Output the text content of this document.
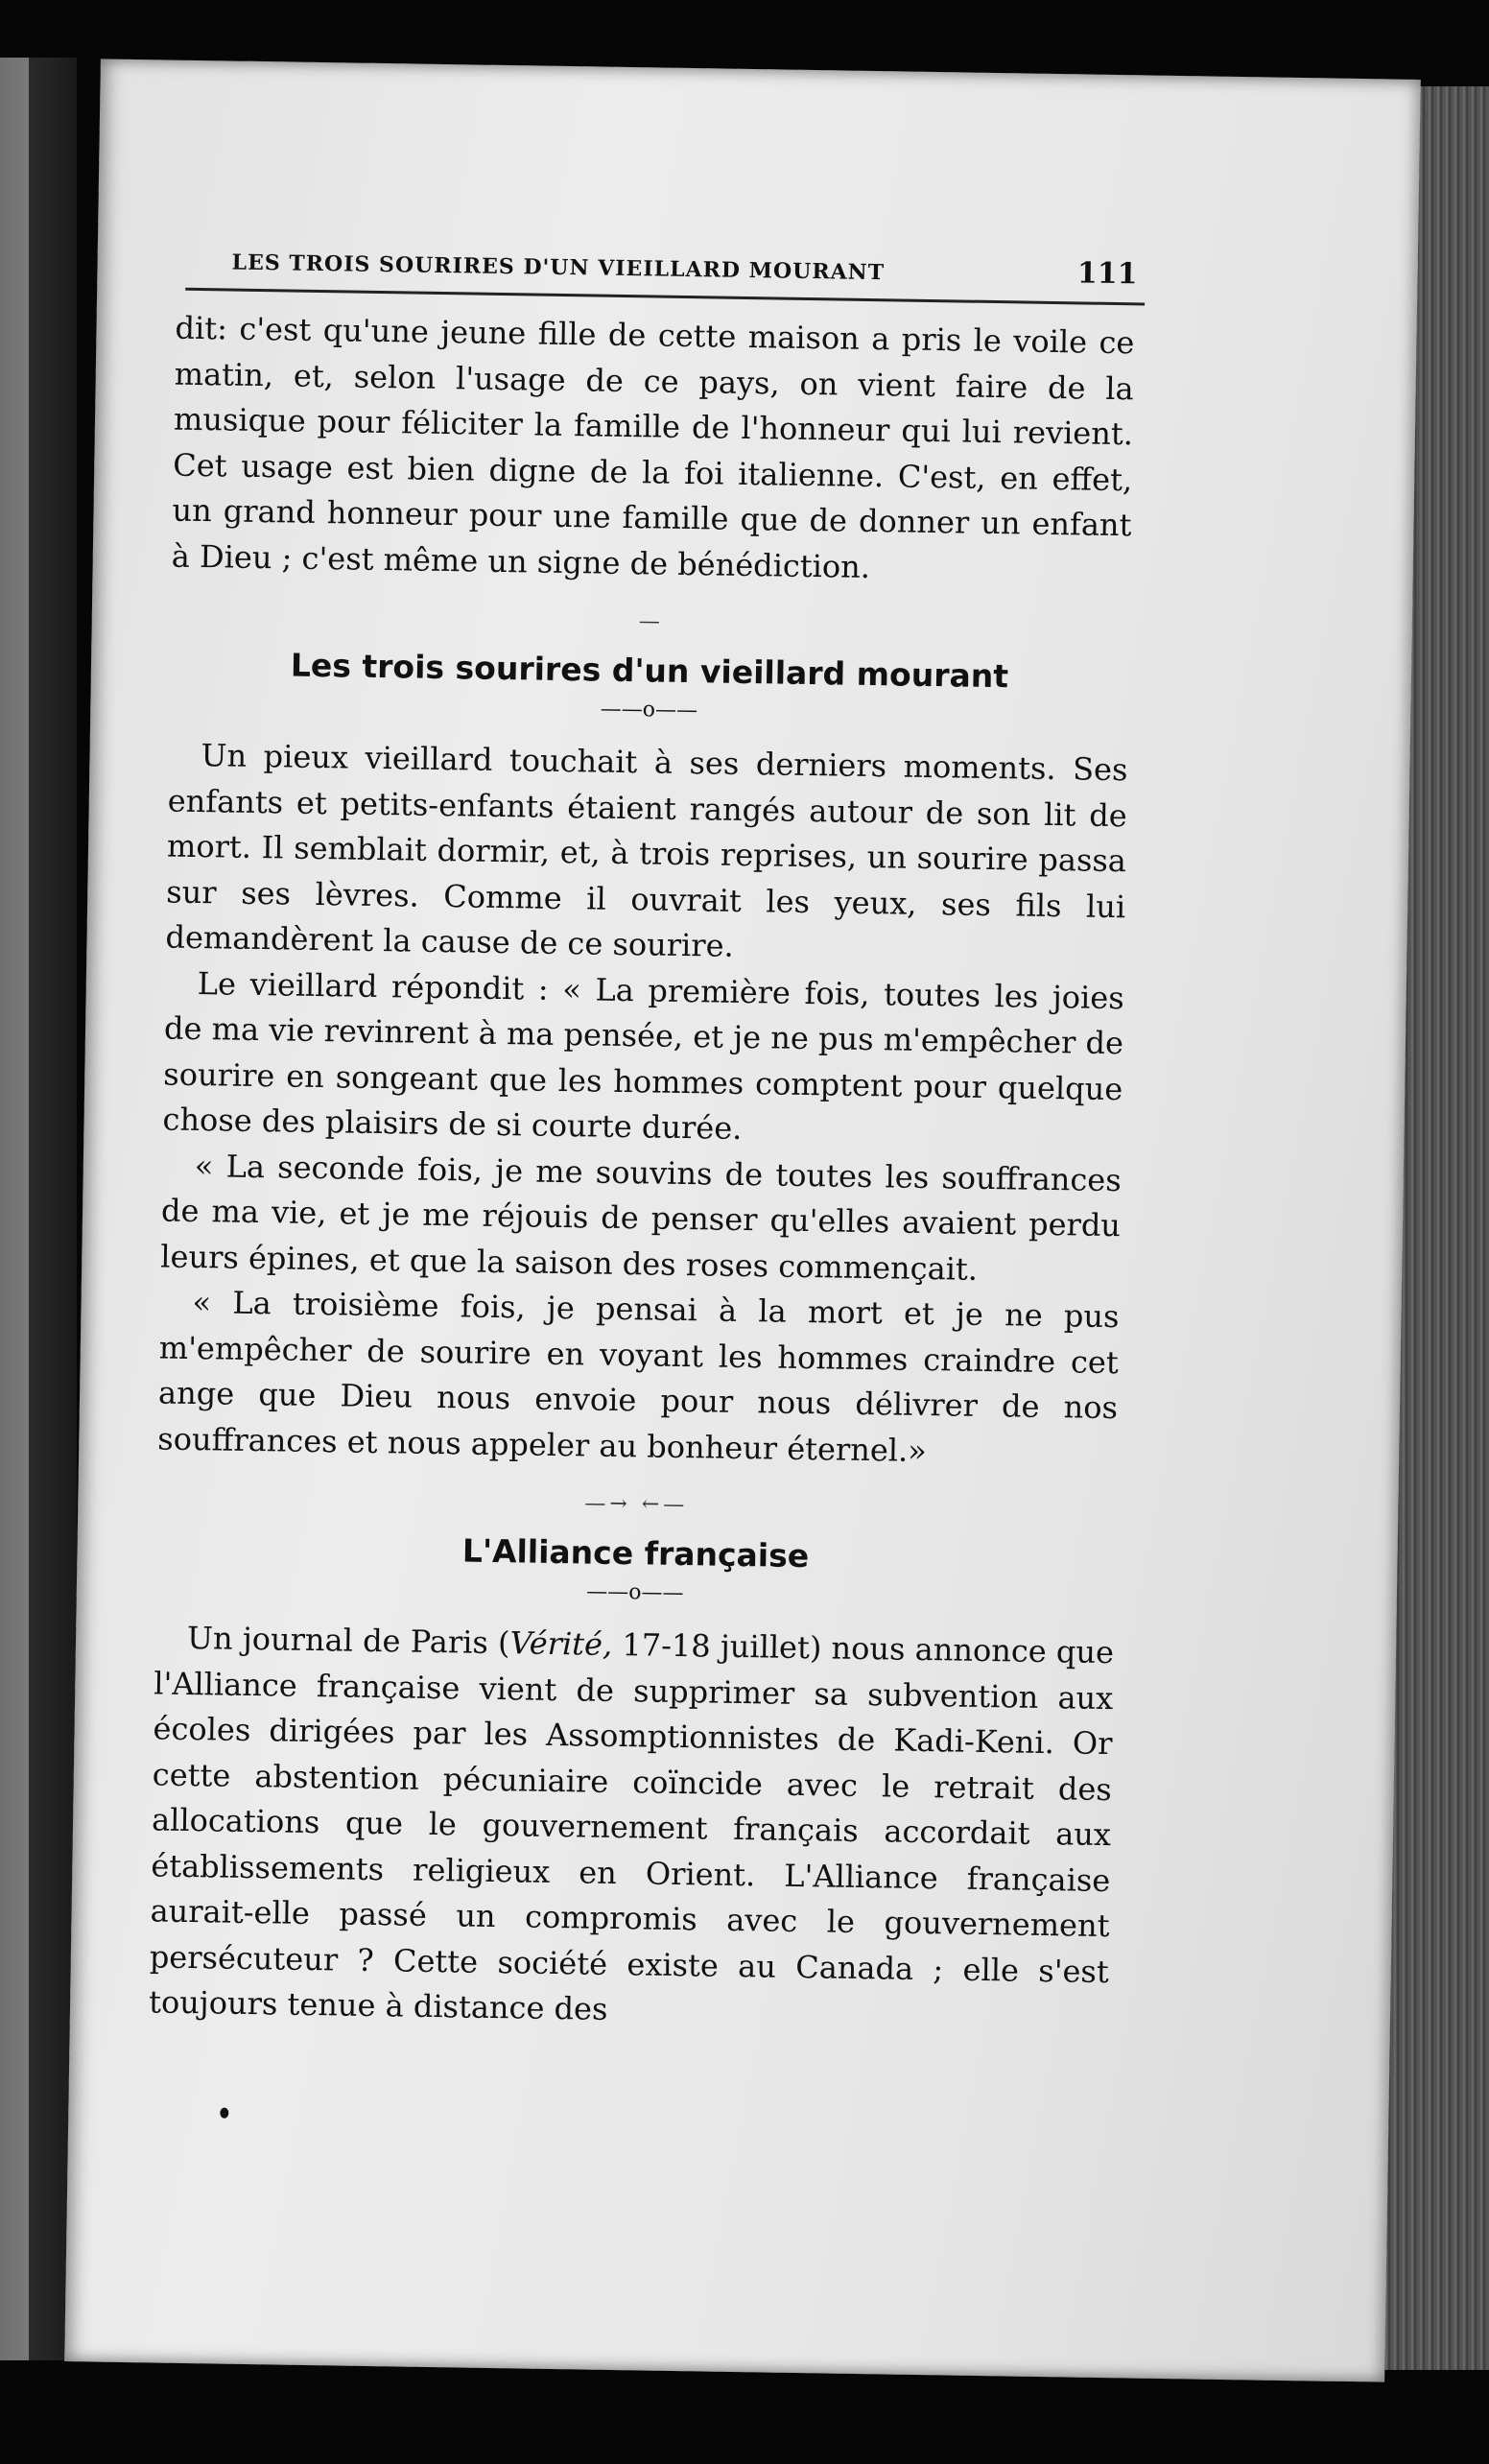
LES TROIS SOURIRES D'UN VIEILLARD MOURANT	111

dit: c'est qu'une jeune fille de cette maison a pris le voile ce matin, et, selon l'usage de ce pays, on vient faire de la musique pour féliciter la famille de l'honneur qui lui revient. Cet usage est bien digne de la foi italienne. C'est, en effet, un grand honneur pour une famille que de donner un enfant à Dieu ; c'est même un signe de bénédiction.

—
Les trois sourires d'un vieillard mourant
——o——

Un pieux vieillard touchait à ses derniers moments. Ses enfants et petits-enfants étaient rangés autour de son lit de mort. Il semblait dormir, et, à trois reprises, un sourire passa sur ses lèvres. Comme il ouvrait les yeux, ses fils lui demandèrent la cause de ce sourire.

Le vieillard répondit : « La première fois, toutes les joies de ma vie revinrent à ma pensée, et je ne pus m'empêcher de sourire en songeant que les hommes comptent pour quelque chose des plaisirs de si courte durée.

« La seconde fois, je me souvins de toutes les souffrances de ma vie, et je me réjouis de penser qu'elles avaient perdu leurs épines, et que la saison des roses commençait.

« La troisième fois, je pensai à la mort et je ne pus m'empêcher de sourire en voyant les hommes craindre cet ange que Dieu nous envoie pour nous délivrer de nos souffrances et nous appeler au bonheur éternel.»

—→ ←—
L'Alliance française
——o——

Un journal de Paris (Vérité, 17-18 juillet) nous annonce que l'Alliance française vient de supprimer sa subvention aux écoles dirigées par les Assomptionnistes de Kadi-Keni. Or cette abstention pécuniaire coïncide avec le retrait des allocations que le gouvernement français accordait aux établissements religieux en Orient. L'Alliance française aurait-elle passé un compromis avec le gouvernement persécuteur ? Cette société existe au Canada ; elle s'est toujours tenue à distance des
